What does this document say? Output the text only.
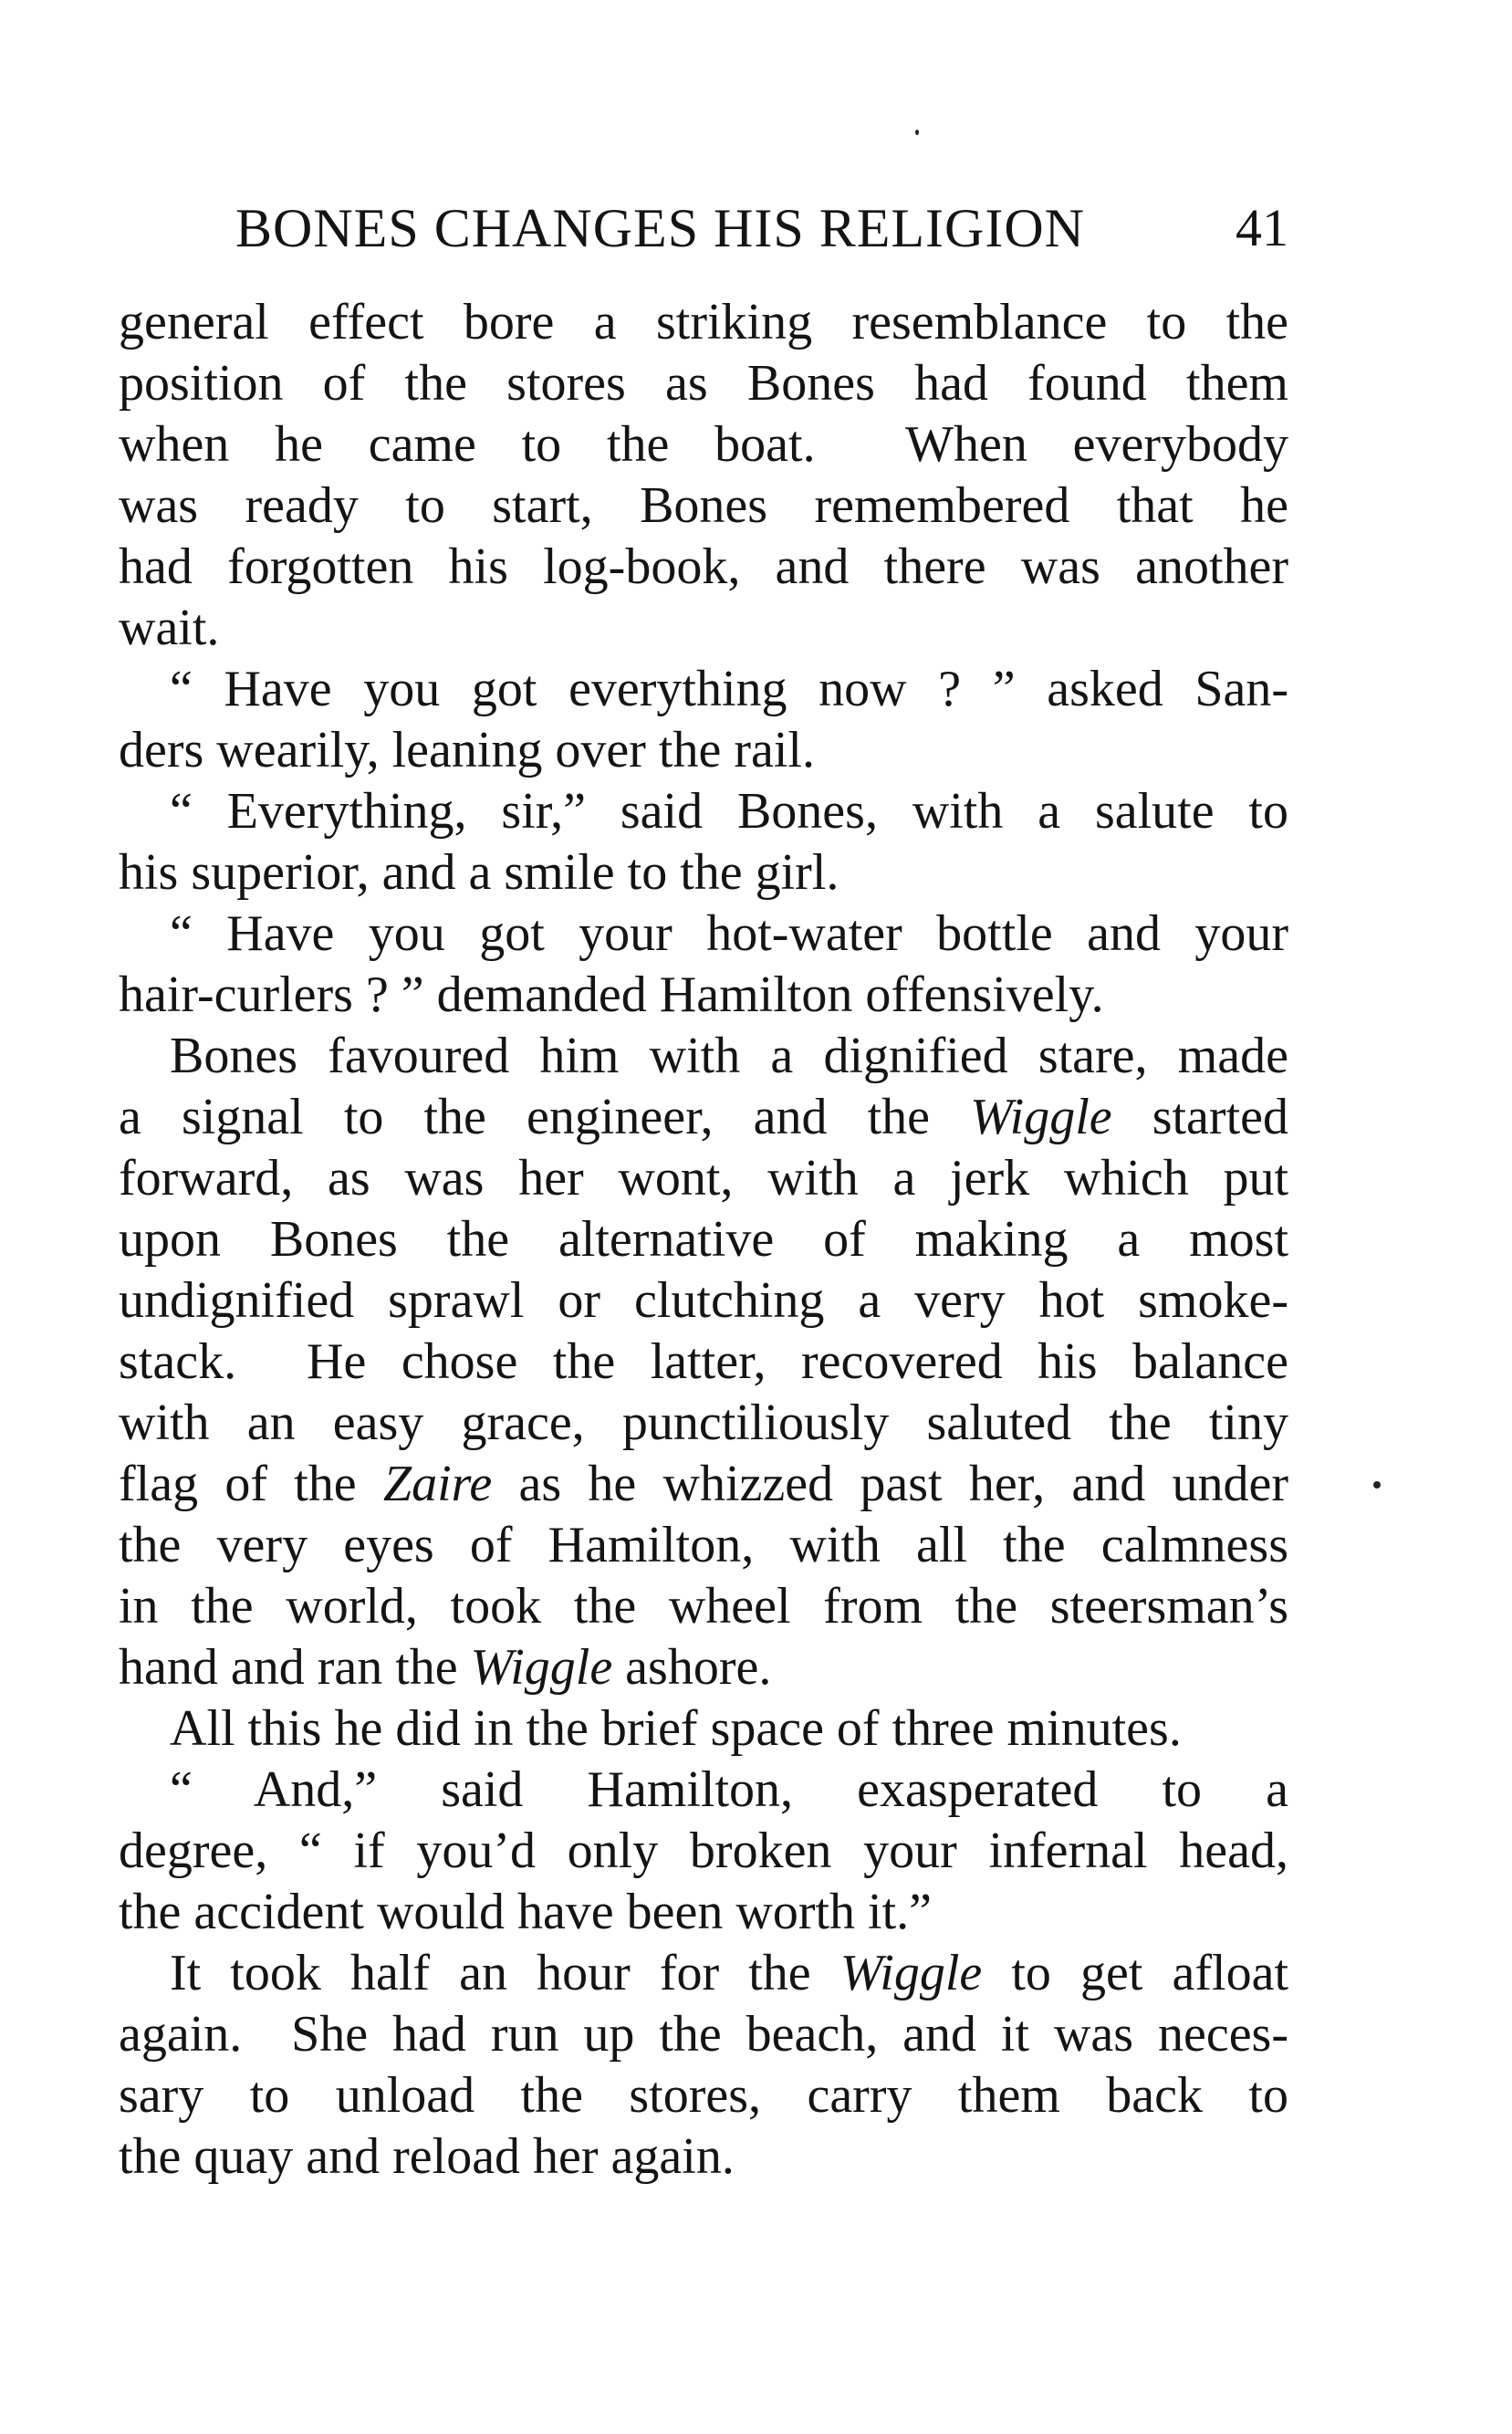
BONES CHANGES HIS RELIGION	41
general effect bore a striking resemblance to the
position of the stores as Bones had found them
when he came to the boat.  When everybody
was ready to start, Bones remembered that he
had forgotten his log-book, and there was another
wait.
“ Have you got everything now ? ” asked San-
ders wearily, leaning over the rail.
“ Everything, sir,” said Bones, with a salute to
his superior, and a smile to the girl.
“ Have you got your hot-water bottle and your
hair-curlers ? ” demanded Hamilton offensively.
Bones favoured him with a dignified stare, made
a signal to the engineer, and the Wiggle started
forward, as was her wont, with a jerk which put
upon Bones the alternative of making a most
undignified sprawl or clutching a very hot smoke-
stack.  He chose the latter, recovered his balance
with an easy grace, punctiliously saluted the tiny
flag of the Zaire as he whizzed past her, and under
the very eyes of Hamilton, with all the calmness
in the world, took the wheel from the steersman’s
hand and ran the Wiggle ashore.
All this he did in the brief space of three minutes.
“ And,” said Hamilton, exasperated to a
degree, “ if you’d only broken your infernal head,
the accident would have been worth it.”
It took half an hour for the Wiggle to get afloat
again.  She had run up the beach, and it was neces-
sary to unload the stores, carry them back to
the quay and reload her again.
